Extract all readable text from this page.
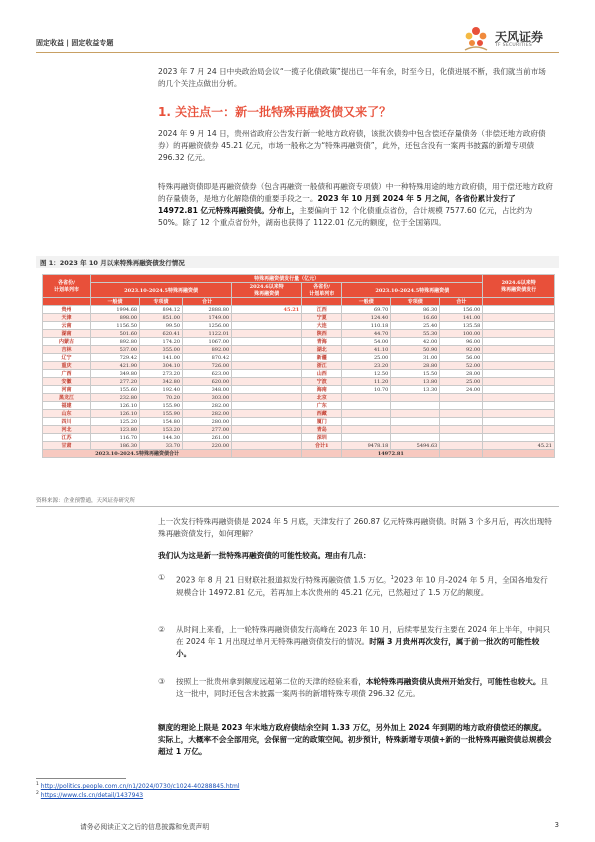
固定收益 | 固定收益专题	天风证券
TF SECURITIES
2023 年 7 月 24 日中央政治局会议“一揽子化债政策”提出已一年有余，时至今日，化债进展不断，我们就当前市场的几个关注点做出分析。
1. 关注点一：新一批特殊再融资债又来了？
2024 年 9 月 14 日，贵州省政府公告发行新一轮地方政府债，该批次债券中包含偿还存量债务（非偿还地方政府债券）的再融资债券 45.21 亿元，市场一般称之为“特殊再融资债”，此外，还包含没有一案两书披露的新增专项债 296.32 亿元。
特殊再融资债即是再融资债券（包含再融资一般债和再融资专项债）中一种特殊用途的地方政府债，用于偿还地方政府的存量债务，是地方化解隐债的重要手段之一。2023 年 10 月到 2024 年 5 月之间，各省份累计发行了 14972.81 亿元特殊再融资债。分布上，主要偏向于 12 个化债重点省份，合计规模 7577.60 亿元，占比约为 50%。除了 12 个重点省份外，湖南也获得了 1122.01 亿元的额度，位于全国第四。
图 1：2023 年 10 月以来特殊再融资债发行情况
各省份/
计划单列市	特殊再融资债发行量（亿元）								2024.6以来特
殊再融资债发行
	2023.10-2024.5特殊再融资债			2024.6以来特
殊再融资债	各省份/
计划单列市	2023.10-2024.5特殊再融资债			
	一般债	专项债	合计			一般债	专项债	合计	
贵州	1994.68	894.12	2888.80	45.21	江西	69.70	86.30	156.00	
天津	898.00	851.00	1749.00		宁夏	124.40	16.60	141.00	
云南	1156.50	99.50	1256.00		大连	110.18	25.40	135.58	
湖南	501.60	620.41	1122.01		陕西	44.70	55.30	100.00	
内蒙古	892.80	174.20	1067.00		青海	54.00	42.00	96.00	
吉林	537.00	355.00	892.00		湖北	41.10	50.90	92.00	
辽宁	729.42	141.00	870.42		新疆	25.00	31.00	56.00	
重庆	421.90	304.10	726.00		浙江	23.20	28.80	52.00	
广西	349.80	273.20	623.00		山西	12.50	15.50	28.00	
安徽	277.20	342.80	620.00		宁波	11.20	13.80	25.00	
河南	155.60	192.40	348.00		海南	10.70	13.30	24.00	
黑龙江	232.80	70.20	303.00		北京				
福建	126.10	155.90	282.00		广东				
山东	126.10	155.90	282.00		西藏				
四川	125.20	154.80	280.00		厦门				
河北	123.80	153.20	277.00		青岛				
江苏	116.70	144.30	261.00		深圳				
甘肃	186.30	33.70	220.00		合计1	9478.18	5494.63		45.21
2023.10-2024.5特殊再融资债合计						14972.81			
资料来源：企业预警通，天风证券研究所
上一次发行特殊再融资债是 2024 年 5 月底，天津发行了 260.87 亿元特殊再融资债。时隔 3 个多月后，再次出现特殊再融资债发行，如何理解？
我们认为这是新一批特殊再融资债的可能性较高。理由有几点：
① 2023 年 8 月 21 日财联社报道拟发行特殊再融资债 1.5 万亿。$^1$2023 年 10 月-2024 年 5 月，全国各地发行规模合计 14972.81 亿元，若再加上本次贵州的 45.21 亿元，已然超过了 1.5 万亿的额度。
② 从时间上来看，上一轮特殊再融资债发行高峰在 2023 年 10 月，后续零星发行主要在 2024 年上半年，中间只在 2024 年 1 月出现过单月无特殊再融资债发行的情况。时隔 3 月贵州再次发行，属于前一批次的可能性较小。
③ 按照上一批贵州拿到额度远超第二位的天津的经验来看，本轮特殊再融资债从贵州开始发行，可能性也较大。且这一批中，同时还包含未披露一案两书的新增特殊专项债 296.32 亿元。
额度的理论上限是 2023 年末地方政府债结余空间 1.33 万亿，另外加上 2024 年到期的地方政府债偿还的额度。实际上，大概率不会全部用完，会保留一定的政策空间。初步预计，特殊新增专项债+新的一批特殊再融资债总规模会超过 1 万亿。
$^1$ http://politics.people.com.cn/n1/2024/0730/c1024-40288845.html
$^2$ https://www.cls.cn/detail/1437943
请务必阅读正文之后的信息披露和免责声明	3
